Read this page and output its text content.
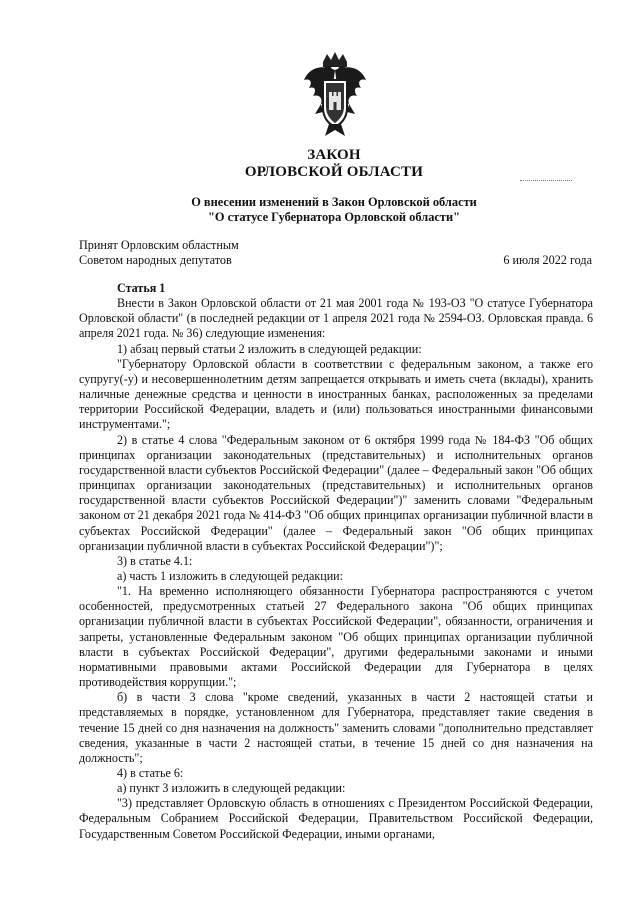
ЗАКОН
ОРЛОВСКОЙ ОБЛАСТИ
О внесении изменений в Закон Орловской области
"О статусе Губернатора Орловской области"
Принят Орловским областным
Советом народных депутатов	6 июля 2022 года

Статья 1

Внести в Закон Орловской области от 21 мая 2001 года № 193-ОЗ "О статусе Губернатора Орловской области" (в последней редакции от 1 апреля 2021 года № 2594-ОЗ. Орловская правда. 6 апреля 2021 года. № 36) следующие изменения:

1) абзац первый статьи 2 изложить в следующей редакции:

"Губернатору Орловской области в соответствии с федеральным законом, а также его супругу(-у) и несовершеннолетним детям запрещается открывать и иметь счета (вклады), хранить наличные денежные средства и ценности в иностранных банках, расположенных за пределами территории Российской Федерации, владеть и (или) пользоваться иностранными финансовыми инструментами.";

2) в статье 4 слова "Федеральным законом от 6 октября 1999 года № 184-ФЗ "Об общих принципах организации законодательных (представительных) и исполнительных органов государственной власти субъектов Российской Федерации" (далее – Федеральный закон "Об общих принципах организации законодательных (представительных) и исполнительных органов государственной власти субъектов Российской Федерации")" заменить словами "Федеральным законом от 21 декабря 2021 года № 414-ФЗ "Об общих принципах организации публичной власти в субъектах Российской Федерации" (далее – Федеральный закон "Об общих принципах организации публичной власти в субъектах Российской Федерации")";

3) в статье 4.1:

а) часть 1 изложить в следующей редакции:

"1. На временно исполняющего обязанности Губернатора распространяются с учетом особенностей, предусмотренных статьей 27 Федерального закона "Об общих принципах организации публичной власти в субъектах Российской Федерации", обязанности, ограничения и запреты, установленные Федеральным законом "Об общих принципах организации публичной власти в субъектах Российской Федерации", другими федеральными законами и иными нормативными правовыми актами Российской Федерации для Губернатора в целях противодействия коррупции.";

б) в части 3 слова "кроме сведений, указанных в части 2 настоящей статьи и представляемых в порядке, установленном для Губернатора, представляет такие сведения в течение 15 дней со дня назначения на должность" заменить словами "дополнительно представляет сведения, указанные в части 2 настоящей статьи, в течение 15 дней со дня назначения на должность";

4) в статье 6:

а) пункт 3 изложить в следующей редакции:

"3) представляет Орловскую область в отношениях с Президентом Российской Федерации, Федеральным Собранием Российской Федерации, Правительством Российской Федерации, Государственным Советом Российской Федерации, иными органами,
